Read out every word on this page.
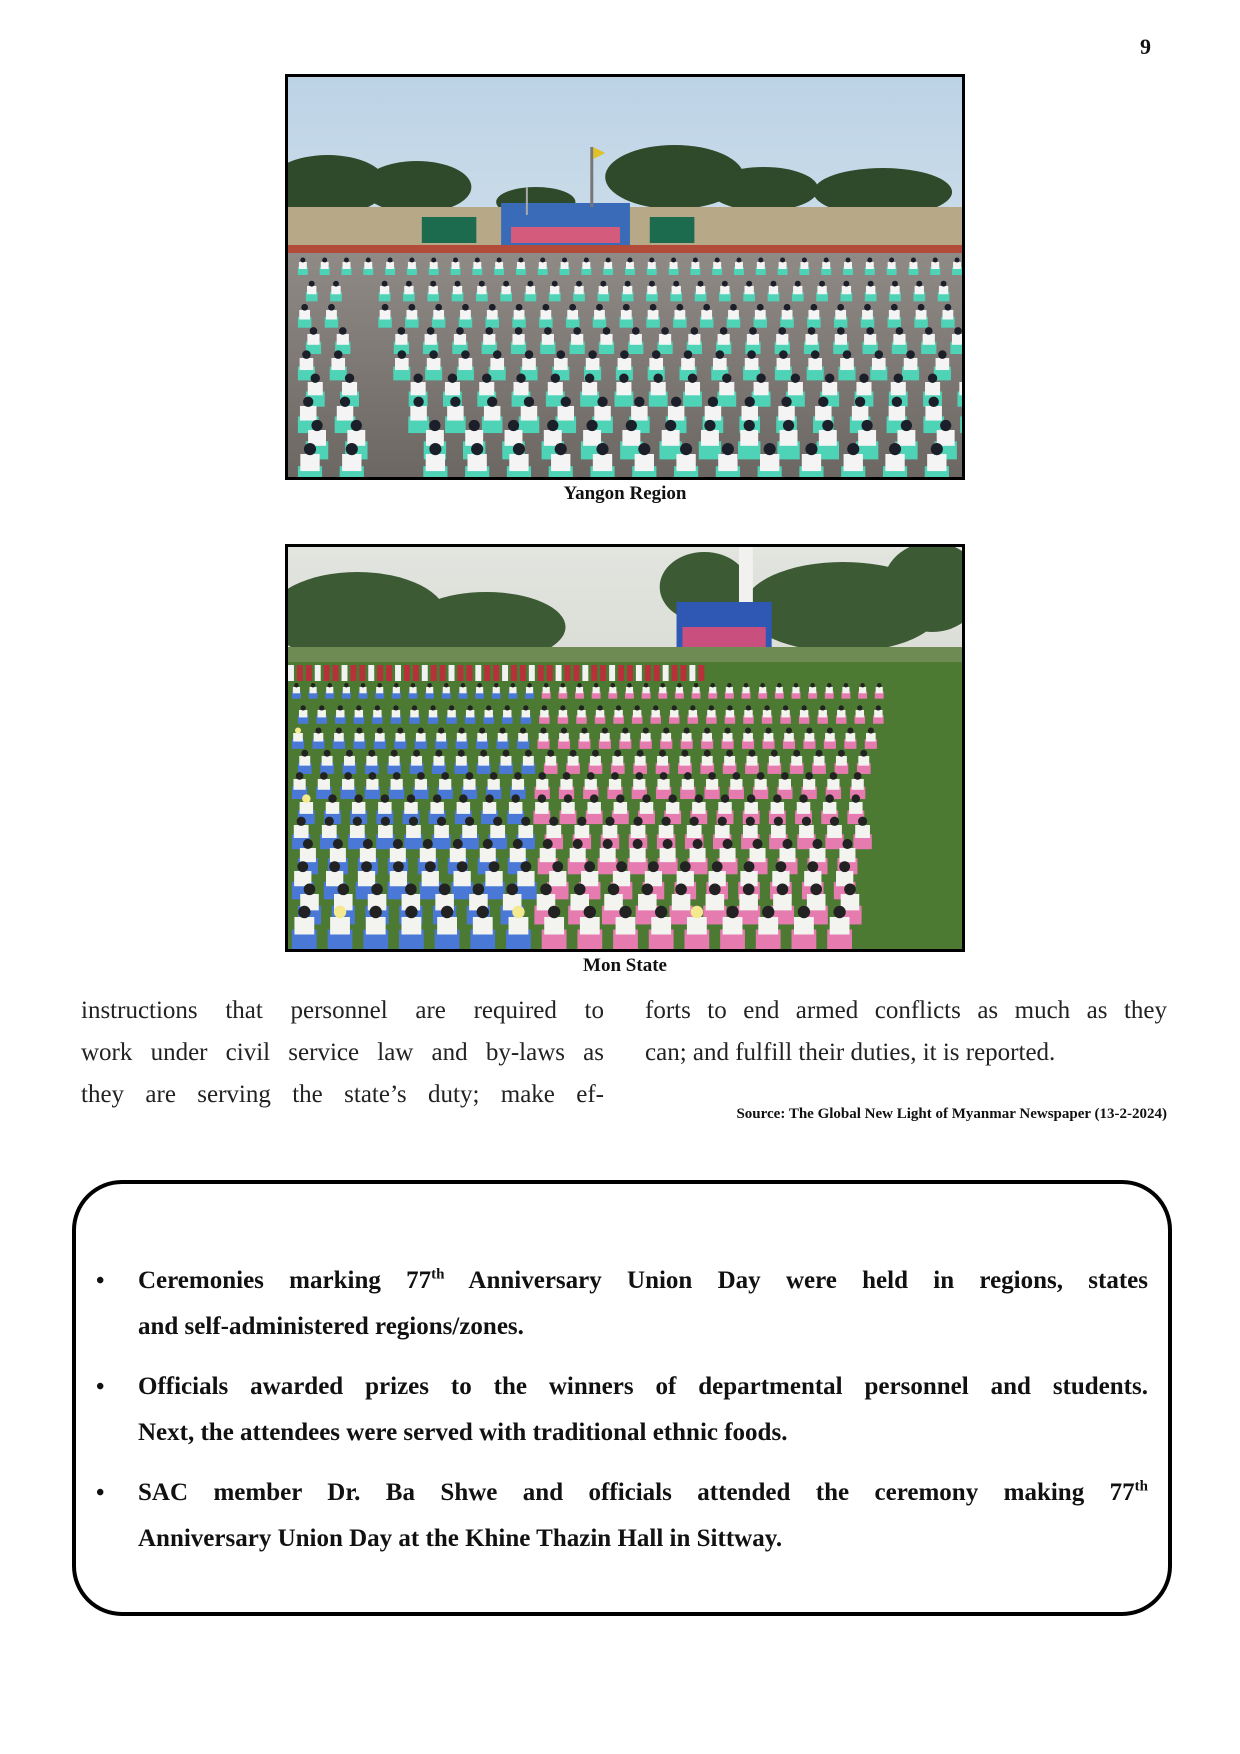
9
Yangon Region
Mon State
instructions that personnel are required to
work under civil service law and by-laws as
they are serving the state’s duty; make ef-
forts to end armed conflicts as much as they
can; and fulfill their duties, it is reported.
Source: The Global New Light of Myanmar Newspaper (13-2-2024)
• Ceremonies marking 77th Anniversary Union Day were held in regions, states
and self-administered regions/zones.
• Officials awarded prizes to the winners of departmental personnel and students.
Next, the attendees were served with traditional ethnic foods.
• SAC member Dr. Ba Shwe and officials attended the ceremony making 77th
Anniversary Union Day at the Khine Thazin Hall in Sittway.
